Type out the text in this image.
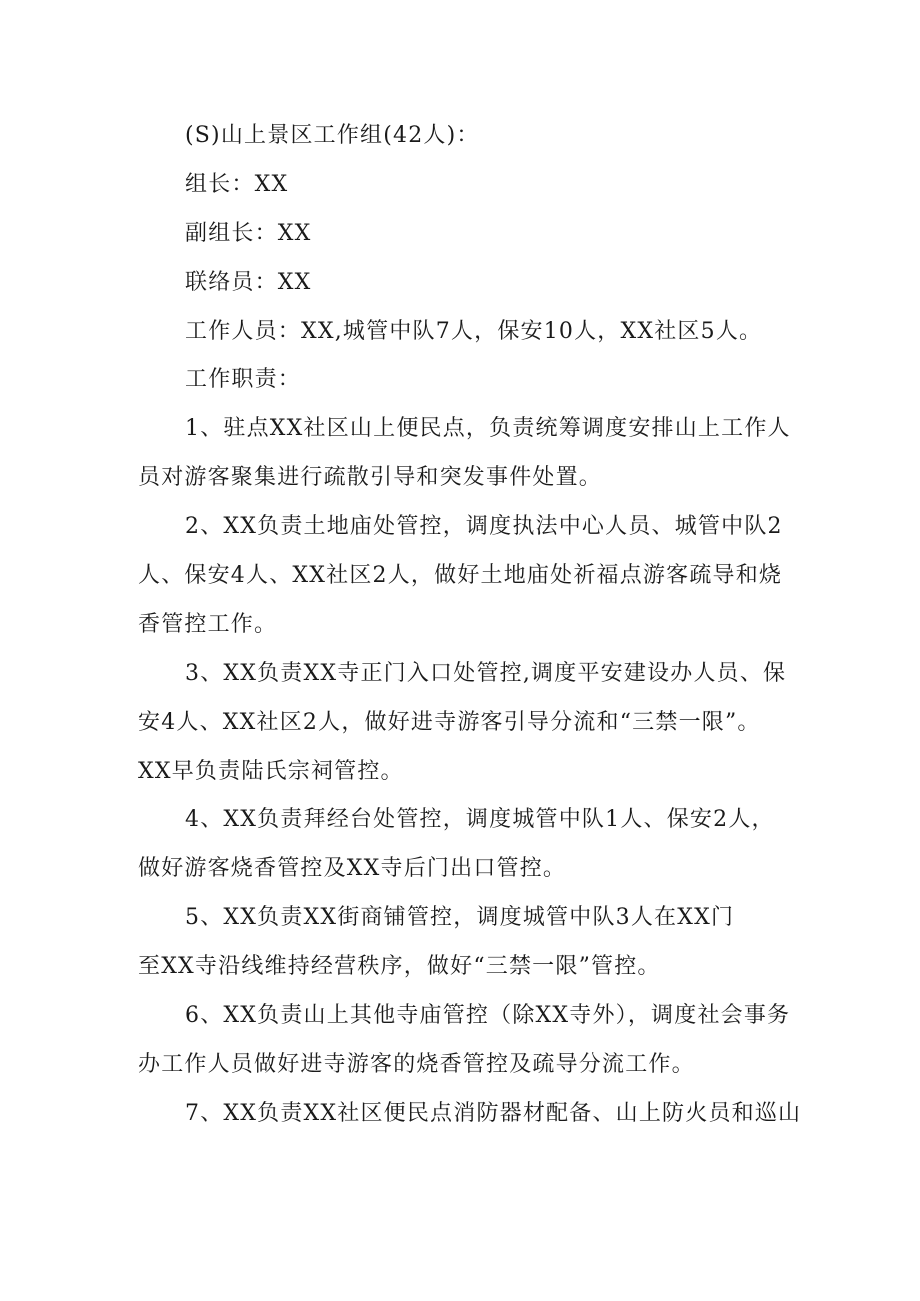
(S)山上景区工作组(42人)：
组长：XX
副组长：XX
联络员：XX
工作人员：XX,城管中队7人，保安10人，XX社区5人。
工作职责：
1、驻点XX社区山上便民点，负责统筹调度安排山上工作人
员对游客聚集进行疏散引导和突发事件处置。
2、XX负责土地庙处管控，调度执法中心人员、城管中队2
人、保安4人、XX社区2人，做好土地庙处祈福点游客疏导和烧
香管控工作。
3、XX负责XX寺正门入口处管控,调度平安建设办人员、保
安4人、XX社区2人，做好进寺游客引导分流和“三禁一限”。
XX早负责陆氏宗祠管控。
4、XX负责拜经台处管控，调度城管中队1人、保安2人，
做好游客烧香管控及XX寺后门出口管控。
5、XX负责XX街商铺管控，调度城管中队3人在XX门
至XX寺沿线维持经营秩序，做好“三禁一限”管控。
6、XX负责山上其他寺庙管控（除XX寺外），调度社会事务
办工作人员做好进寺游客的烧香管控及疏导分流工作。
7、XX负责XX社区便民点消防器材配备、山上防火员和巡山
